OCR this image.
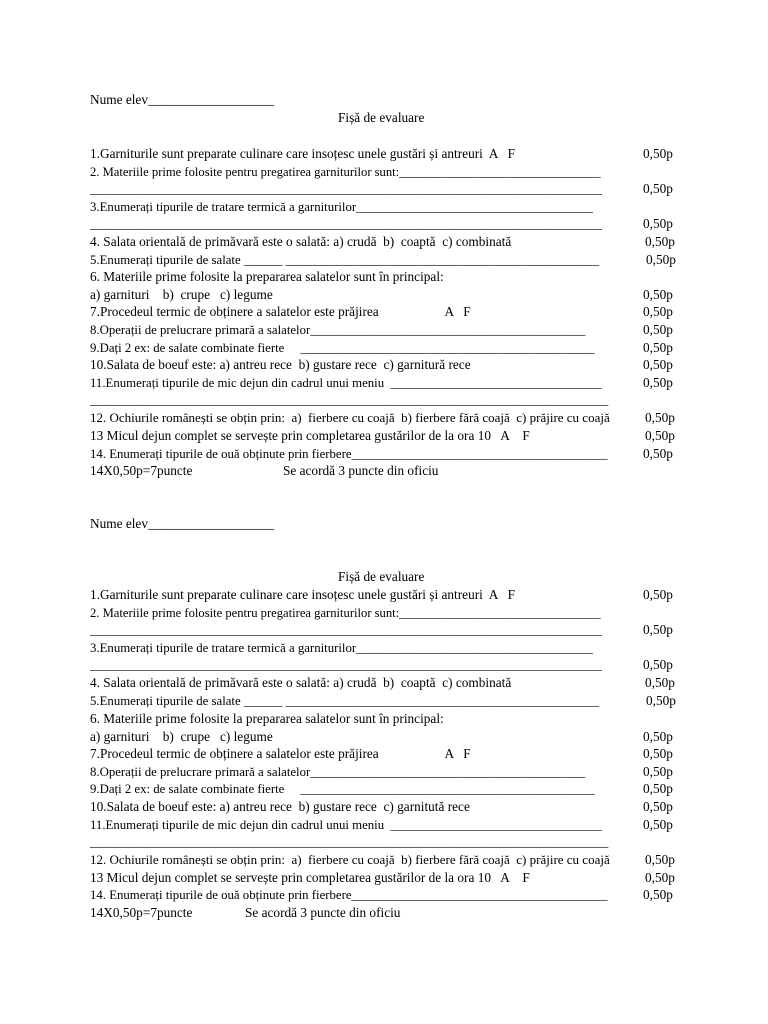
Nume elev___________________
Fișă de evaluare
1.Garniturile sunt preparate culinare care insoțesc unele gustări și antreuri  A   F	0,50p
2. Materiile prime folosite pentru pregatirea garniturilor sunt:________________________________
________________________________________________________________________________	0,50p
3.Enumerați tipurile de tratare termică a garniturilor_____________________________________
________________________________________________________________________________	0,50p
4. Salata orientală de primăvară este o salată: a) crudă  b)  coaptă  c) combinată	0,50p
5.Enumerați tipurile de salate ______ _________________________________________________	0,50p
6. Materiile prime folosite la prepararea salatelor sunt în principal:
a) garnituri    b)  crupe   c) legume	0,50p
7.Procedeul termic de obținere a salatelor este prăjirea                    A   F	0,50p
8.Operații de prelucrare primară a salatelor___________________________________________	0,50p
9.Dați 2 ex: de salate combinate fierte     ______________________________________________	0,50p
10.Salata de boeuf este: a) antreu rece  b) gustare rece  c) garnitură rece	0,50p
11.Enumerați tipurile de mic dejun din cadrul unui meniu  _________________________________	0,50p
_________________________________________________________________________________
12. Ochiurile românești se obțin prin:  a)  fierbere cu coajă  b) fierbere fără coajă  c) prăjire cu coajă	0,50p
13 Micul dejun complet se servește prin completarea gustărilor de la ora 10   A    F	0,50p
14. Enumerați tipurile de ouă obținute prin fierbere________________________________________	0,50p
14X0,50p=7puncte	Se acordă 3 puncte din oficiu
Nume elev___________________
Fișă de evaluare
1.Garniturile sunt preparate culinare care insoțesc unele gustări și antreuri  A   F	0,50p
2. Materiile prime folosite pentru pregatirea garniturilor sunt:________________________________
________________________________________________________________________________	0,50p
3.Enumerați tipurile de tratare termică a garniturilor_____________________________________
________________________________________________________________________________	0,50p
4. Salata orientală de primăvară este o salată: a) crudă  b)  coaptă  c) combinată	0,50p
5.Enumerați tipurile de salate ______ _________________________________________________	0,50p
6. Materiile prime folosite la prepararea salatelor sunt în principal:
a) garnituri    b)  crupe   c) legume	0,50p
7.Procedeul termic de obținere a salatelor este prăjirea                    A   F	0,50p
8.Operații de prelucrare primară a salatelor___________________________________________	0,50p
9.Dați 2 ex: de salate combinate fierte     ______________________________________________	0,50p
10.Salata de boeuf este: a) antreu rece  b) gustare rece  c) garnitută rece	0,50p
11.Enumerați tipurile de mic dejun din cadrul unui meniu  _________________________________	0,50p
_________________________________________________________________________________
12. Ochiurile românești se obțin prin:  a)  fierbere cu coajă  b) fierbere fără coajă  c) prăjire cu coajă	0,50p
13 Micul dejun complet se servește prin completarea gustărilor de la ora 10   A    F	0,50p
14. Enumerați tipurile de ouă obținute prin fierbere________________________________________	0,50p
14X0,50p=7puncte	Se acordă 3 puncte din oficiu
